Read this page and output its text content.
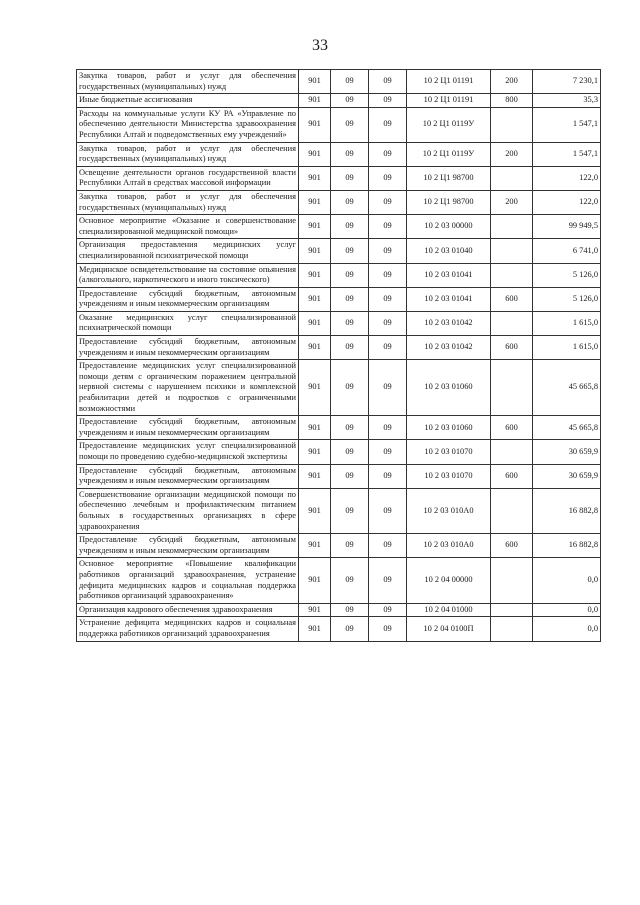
33
Закупка товаров, работ и услуг для обеспечения государственных (муниципальных) нужд	901	09	09	10 2 Ц1 01191	200	7 230,1
Иные бюджетные ассигнования	901	09	09	10 2 Ц1 01191	800	35,3
Расходы на коммунальные услуги КУ РА «Управление по обеспечению деятельности Министерства здравоохранения Республики Алтай и подведомственных ему учреждений»	901	09	09	10 2 Ц1 0119У		1 547,1
Закупка товаров, работ и услуг для обеспечения государственных (муниципальных) нужд	901	09	09	10 2 Ц1 0119У	200	1 547,1
Освещение деятельности органов государственной власти Республики Алтай в средствах массовой информации	901	09	09	10 2 Ц1 98700		122,0
Закупка товаров, работ и услуг для обеспечения государственных (муниципальных) нужд	901	09	09	10 2 Ц1 98700	200	122,0
Основное мероприятие «Оказание и совершенствование специализированной медицинской помощи»	901	09	09	10 2 03 00000		99 949,5
Организация предоставления медицинских услуг специализированной психиатрической помощи	901	09	09	10 2 03 01040		6 741,0
Медицинское освидетельствование на состояние опьянения (алкогольного, наркотического и иного токсического)	901	09	09	10 2 03 01041		5 126,0
Предоставление субсидий бюджетным, автономным учреждениям и иным некоммерческим организациям	901	09	09	10 2 03 01041	600	5 126,0
Оказание медицинских услуг специализированной психиатрической помощи	901	09	09	10 2 03 01042		1 615,0
Предоставление субсидий бюджетным, автономным учреждениям и иным некоммерческим организациям	901	09	09	10 2 03 01042	600	1 615,0
Предоставление медицинских услуг специализированной помощи детям с органическим поражением центральной нервной системы с нарушением психики и комплексной реабилитации детей и подростков с ограниченными возможностями	901	09	09	10 2 03 01060		45 665,8
Предоставление субсидий бюджетным, автономным учреждениям и иным некоммерческим организациям	901	09	09	10 2 03 01060	600	45 665,8
Предоставление медицинских услуг специализированной помощи по проведению судебно-медицинской экспертизы	901	09	09	10 2 03 01070		30 659,9
Предоставление субсидий бюджетным, автономным учреждениям и иным некоммерческим организациям	901	09	09	10 2 03 01070	600	30 659,9
Совершенствование организации медицинской помощи по обеспечению лечебным и профилактическим питанием больных в государственных организациях в сфере здравоохранения	901	09	09	10 2 03 010А0		16 882,8
Предоставление субсидий бюджетным, автономным учреждениям и иным некоммерческим организациям	901	09	09	10 2 03 010А0	600	16 882,8
Основное мероприятие «Повышение квалификации работников организаций здравоохранения, устранение дефицита медицинских кадров и социальная поддержка работников организаций здравоохранения»	901	09	09	10 2 04 00000		0,0
Организация кадрового обеспечения здравоохранения	901	09	09	10 2 04 01000		0,0
Устранение дефицита медицинских кадров и социальная поддержка работников организаций здравоохранения	901	09	09	10 2 04 0100П		0,0
